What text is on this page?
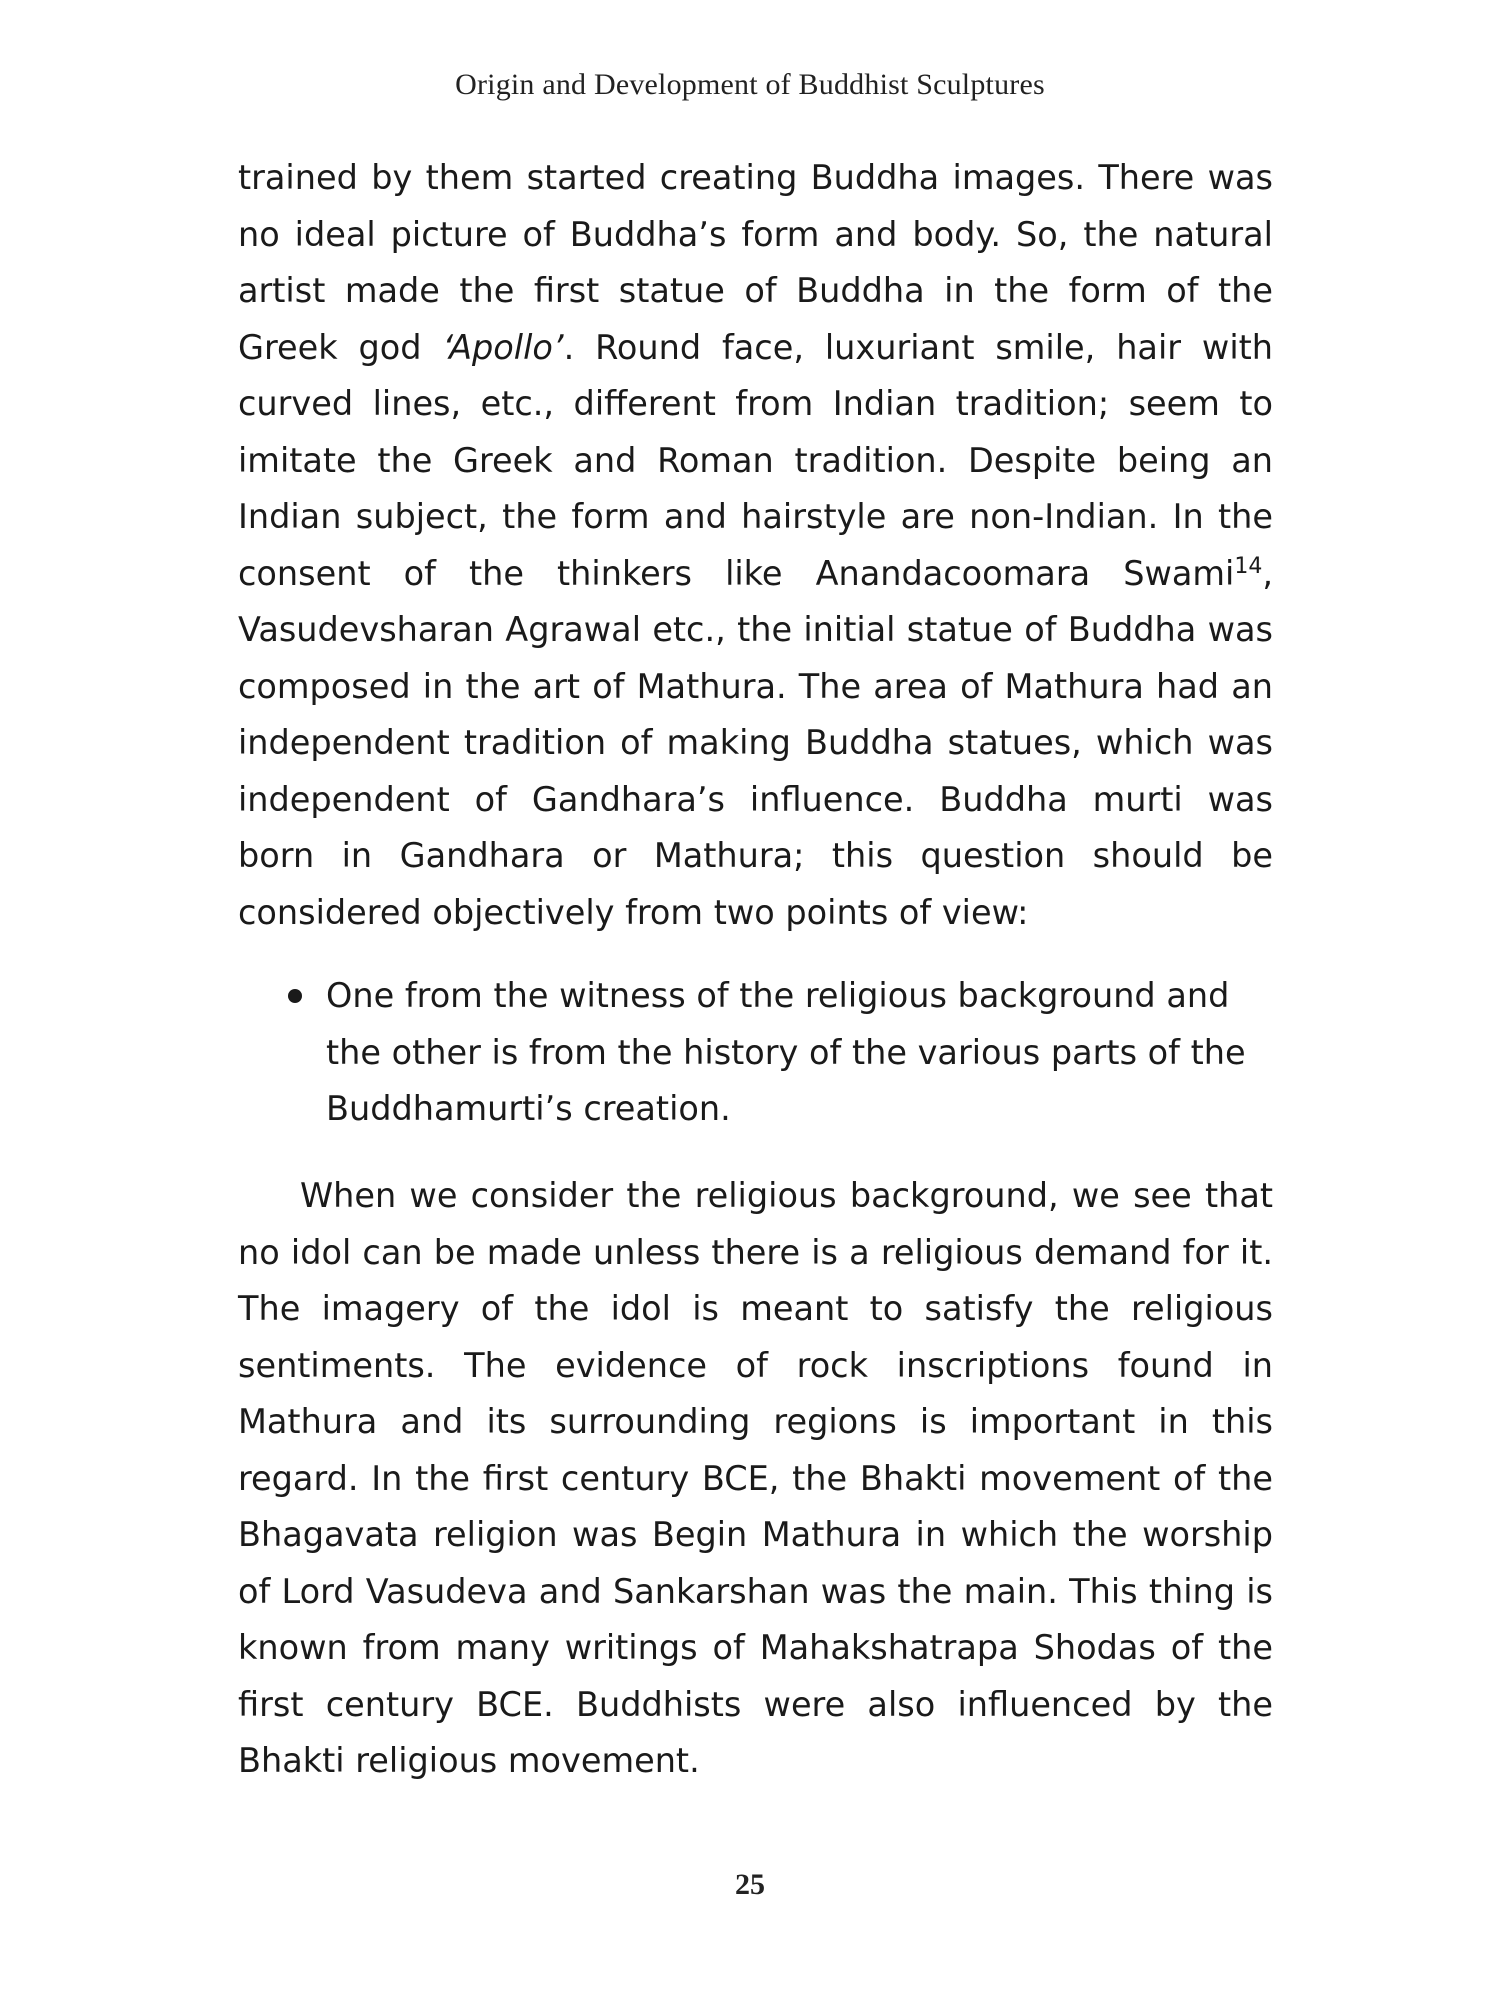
Origin and Development of Buddhist Sculptures
trained by them started creating Buddha images. There was no ideal picture of Buddha’s form and body. So, the natural artist made the first statue of Buddha in the form of the Greek god ‘Apollo’. Round face, luxuriant smile, hair with curved lines, etc., different from Indian tradition; seem to imitate the Greek and Roman tradition. Despite being an Indian subject, the form and hairstyle are non-Indian. In the consent of the thinkers like Anandacoomara Swami$^{14}$, Vasudevsharan Agrawal etc., the initial statue of Buddha was composed in the art of Mathura. The area of Mathura had an independent tradition of making Buddha statues, which was independent of Gandhara’s influence. Buddha murti was born in Gandhara or Mathura; this question should be considered objectively from two points of view:
One from the witness of the religious background and the other is from the history of the various parts of the Buddhamurti’s creation.
When we consider the religious background, we see that no idol can be made unless there is a religious demand for it. The imagery of the idol is meant to satisfy the religious sentiments. The evidence of rock inscriptions found in Mathura and its surrounding regions is important in this regard. In the first century BCE, the Bhakti movement of the Bhagavata religion was Begin Mathura in which the worship of Lord Vasudeva and Sankarshan was the main. This thing is known from many writings of Mahakshatrapa Shodas of the first century BCE. Buddhists were also influenced by the Bhakti religious movement.
25
